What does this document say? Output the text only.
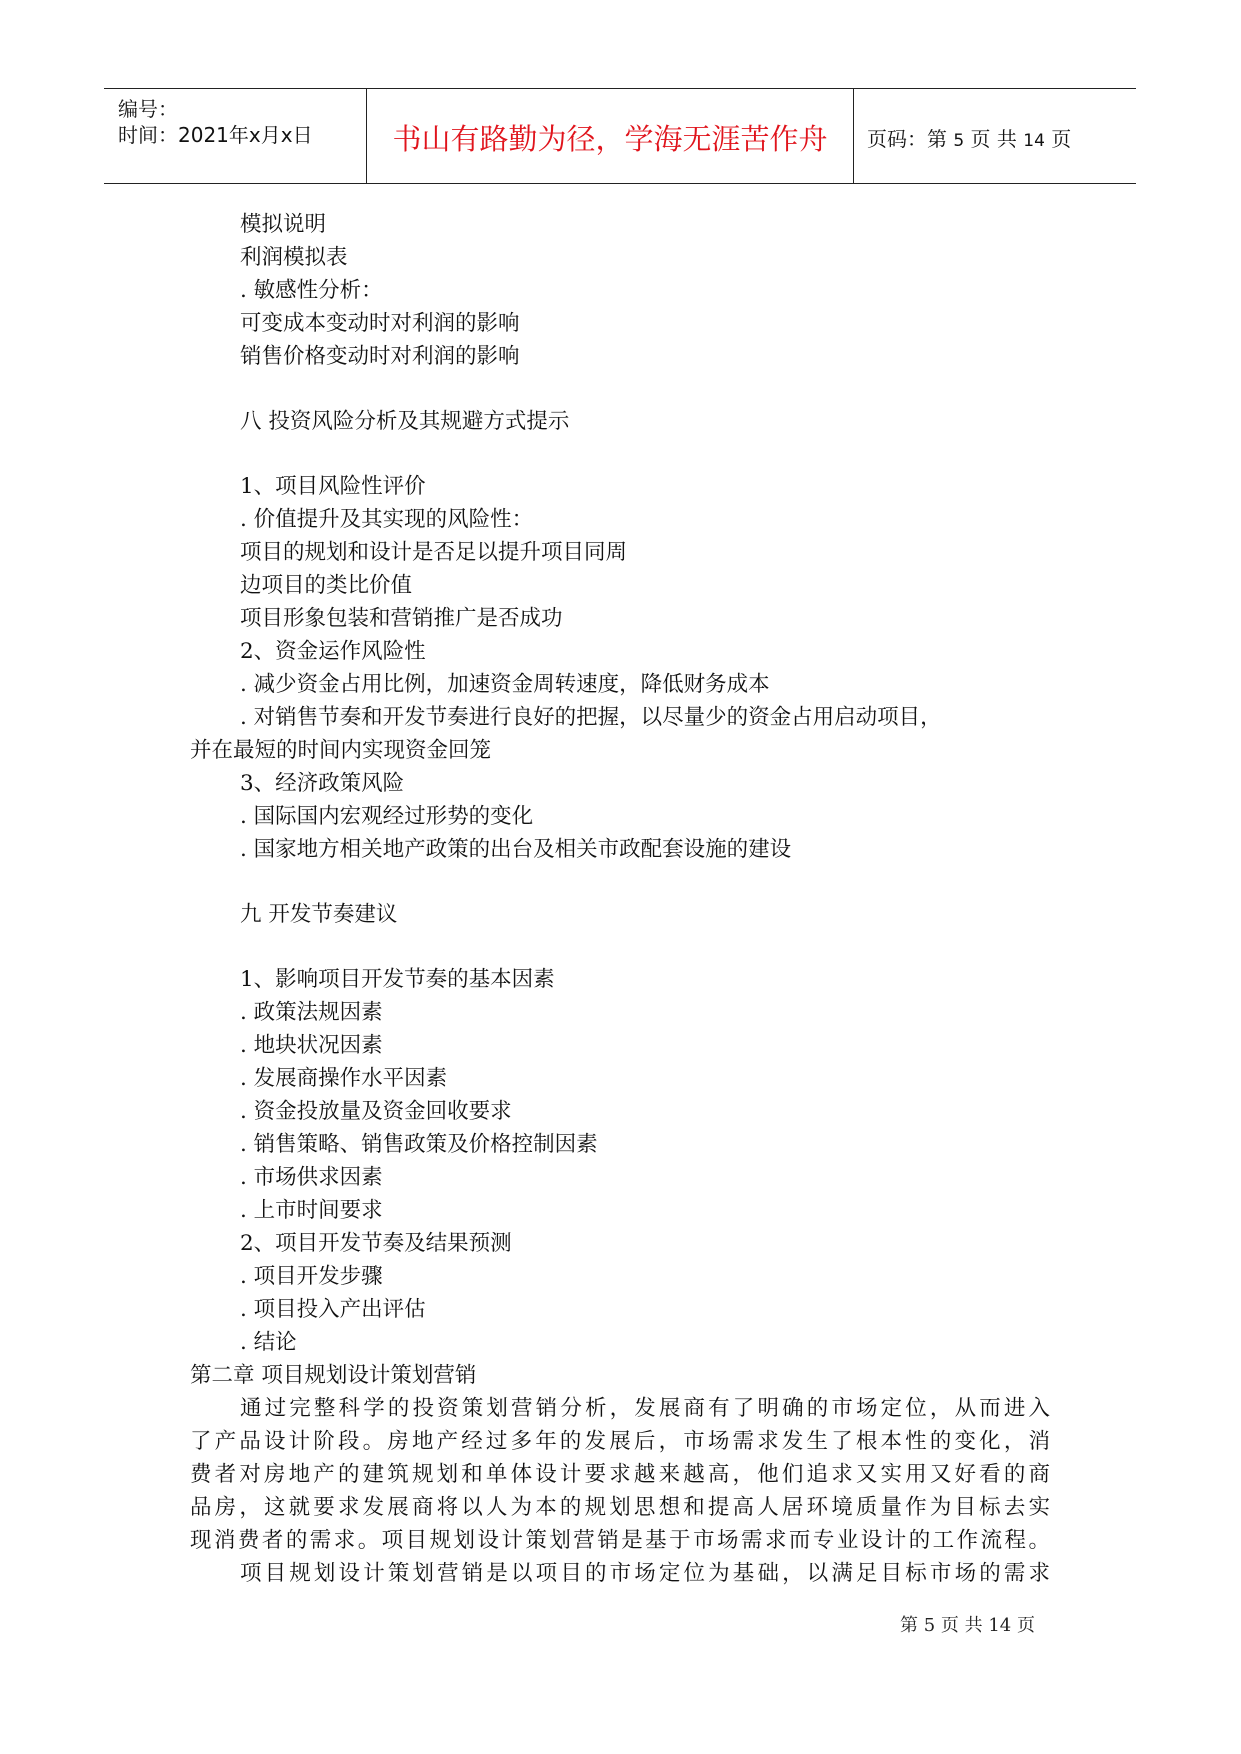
编号：
时间：2021年x月x日	书山有路勤为径，学海无涯苦作舟	页码：第 5 页 共 14 页
模拟说明
利润模拟表
. 敏感性分析：
可变成本变动时对利润的影响
销售价格变动时对利润的影响
八 投资风险分析及其规避方式提示
1、项目风险性评价
. 价值提升及其实现的风险性：
项目的规划和设计是否足以提升项目同周
边项目的类比价值
项目形象包装和营销推广是否成功
2、资金运作风险性
. 减少资金占用比例，加速资金周转速度，降低财务成本
. 对销售节奏和开发节奏进行良好的把握，以尽量少的资金占用启动项目，
并在最短的时间内实现资金回笼
3、经济政策风险
. 国际国内宏观经过形势的变化
. 国家地方相关地产政策的出台及相关市政配套设施的建设
九 开发节奏建议
1、影响项目开发节奏的基本因素
. 政策法规因素
. 地块状况因素
. 发展商操作水平因素
. 资金投放量及资金回收要求
. 销售策略、销售政策及价格控制因素
. 市场供求因素
. 上市时间要求
2、项目开发节奏及结果预测
. 项目开发步骤
. 项目投入产出评估
. 结论
第二章 项目规划设计策划营销
通过完整科学的投资策划营销分析，发展商有了明确的市场定位，从而进入
了产品设计阶段。房地产经过多年的发展后，市场需求发生了根本性的变化，消
费者对房地产的建筑规划和单体设计要求越来越高，他们追求又实用又好看的商
品房，这就要求发展商将以人为本的规划思想和提高人居环境质量作为目标去实
现消费者的需求。项目规划设计策划营销是基于市场需求而专业设计的工作流程。
项目规划设计策划营销是以项目的市场定位为基础，以满足目标市场的需求
第 5 页 共 14 页
